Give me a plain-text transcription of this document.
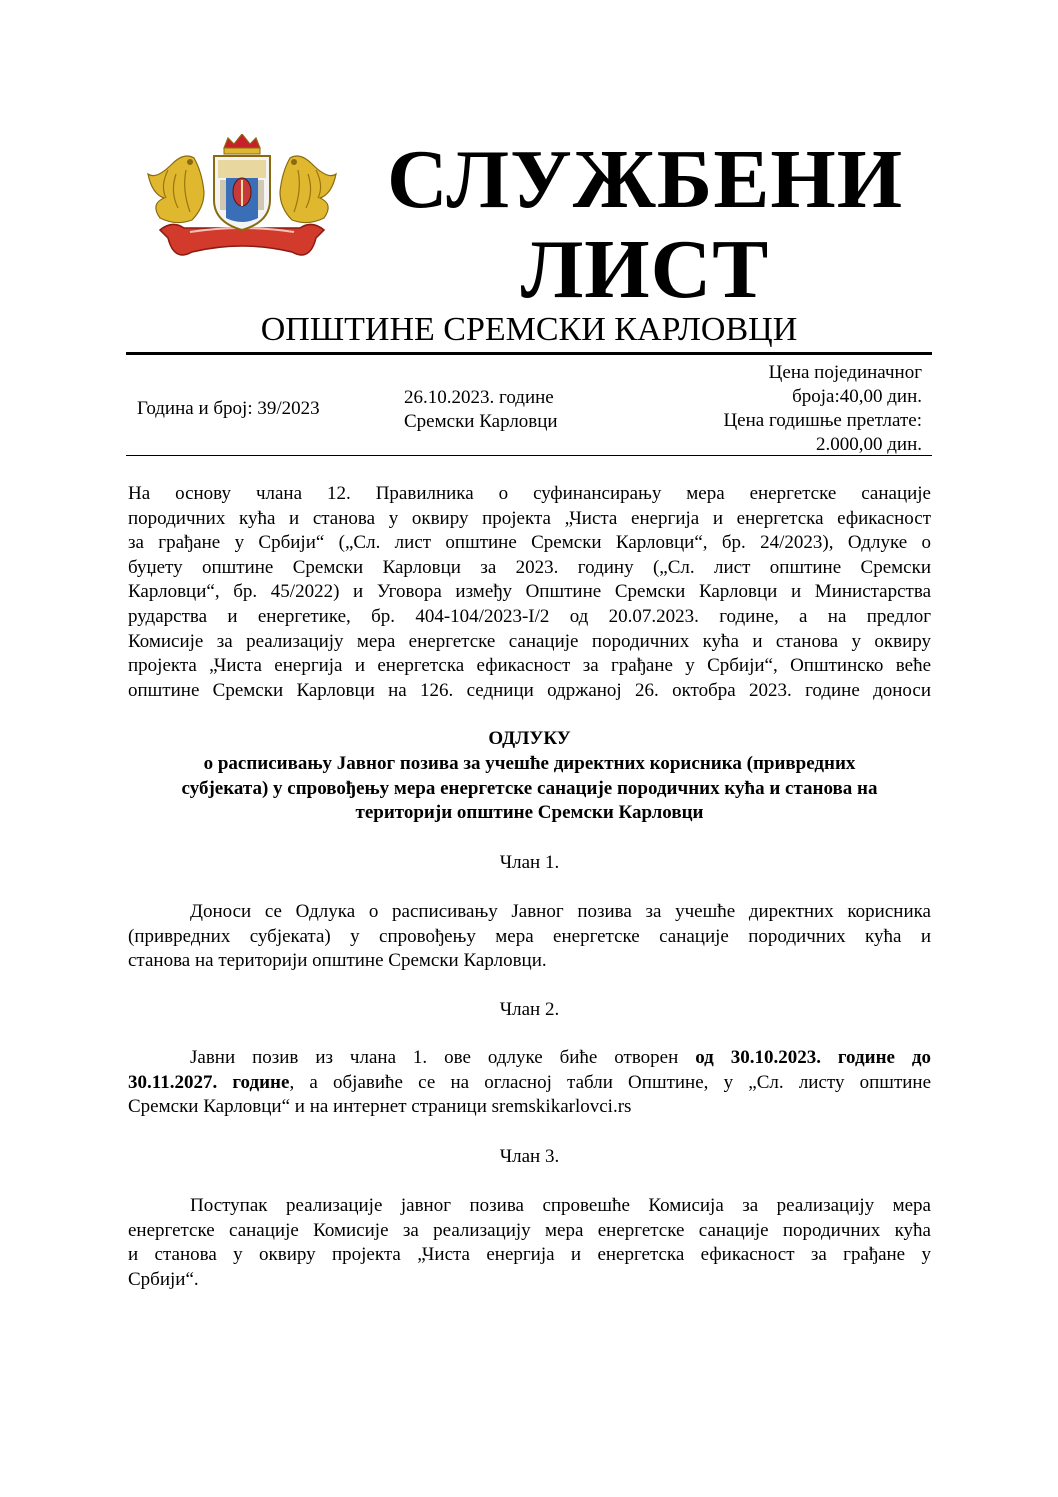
СЛУЖБЕНИ
ЛИСТ
ОПШТИНЕ СРЕМСКИ КАРЛОВЦИ
Година и број: 39/2023
26.10.2023. године
Сремски Карловци
Цена појединачног
броја:40,00 дин.
Цена годишње претлате:
2.000,00 дин.
На основу члана 12. Правилника о суфинансирању мера енергетске санације
породичних кућа и станова у оквиру пројекта „Чиста енергија и енергетска ефикасност
за грађане у Србији“ („Сл. лист општине Сремски Карловци“, бр. 24/2023), Одлуке о
буџету општине Сремски Карловци за 2023. годину („Сл. лист општине Сремски
Карловци“, бр. 45/2022) и Уговора између Општине Сремски Карловци и Министарства
рударства и енергетике, бр. 404-104/2023-I/2 од 20.07.2023. године, а на предлог
Комисије за реализацију мера енергетске санације породичних кућа и станова у оквиру
пројекта „Чиста енергија и енергетска ефикасност за грађане у Србији“, Општинско веће
општине Сремски Карловци на 126. седници одржаној 26. октобра 2023. године доноси
ОДЛУКУ
о расписивању Јавног позива за учешће директних корисника (привредних
субјеката) у спровођењу мера енергетске санације породичних кућа и станова на
територији општине Сремски Карловци
Члан 1.
Доноси се Одлука о расписивању Јавног позива за учешће директних корисника
(привредних субјеката) у спровођењу мера енергетске санације породичних кућа и
станова на територији општине Сремски Карловци.
Члан 2.
Јавни позив из члана 1. ове одлуке биће отворен од 30.10.2023. године до
30.11.2027. године, а објавиће се на огласној табли Општине, у „Сл. листу општине
Сремски Карловци“ и на интернет страници sremskikarlovci.rs
Члан 3.
Поступак реализације јавног позива спровешће Комисија за реализацију мера
енергетске санације Комисије за реализацију мера енергетске санације породичних кућа
и станова у оквиру пројекта „Чиста енергија и енергетска ефикасност за грађане у
Србији“.
